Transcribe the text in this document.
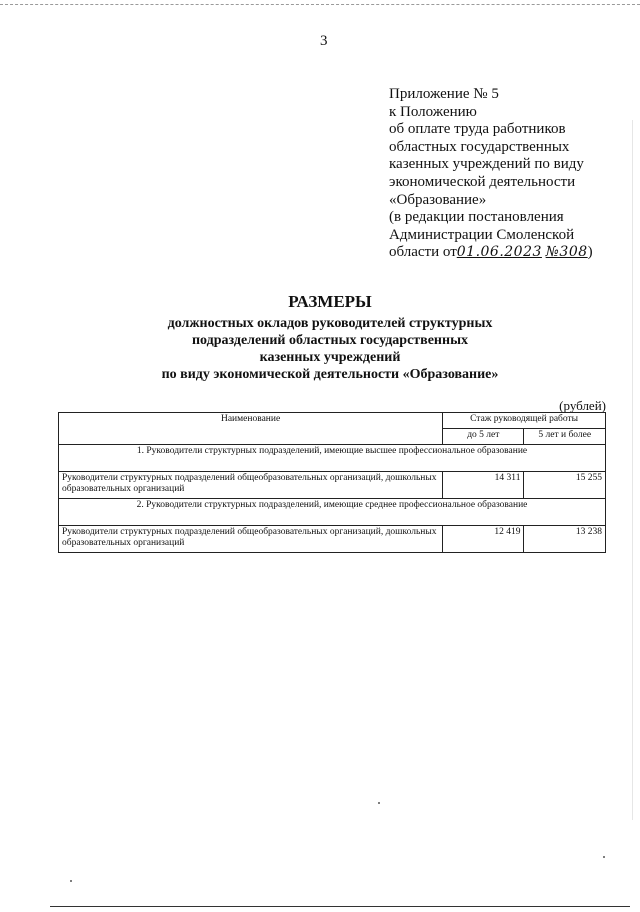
3
Приложение № 5
к Положению
об оплате труда работников
областных государственных
казенных учреждений по виду
экономической деятельности
«Образование»
(в редакции постановления
Администрации Смоленской
области от01.06.2023 №308)
РАЗМЕРЫ
должностных окладов руководителей структурных
подразделений областных государственных
казенных учреждений
по виду экономической деятельности «Образование»
(рублей)
Наименование	Стаж руководящей работы	
	до 5 лет	5 лет и более
1. Руководители структурных подразделений, имеющие высшее профессиональное образование		
Руководители структурных подразделений общеобразовательных организаций, дошкольных образовательных организаций	14 311	15 255
2. Руководители структурных подразделений, имеющие среднее профессиональное образование		
Руководители структурных подразделений общеобразовательных организаций, дошкольных образовательных организаций	12 419	13 238
